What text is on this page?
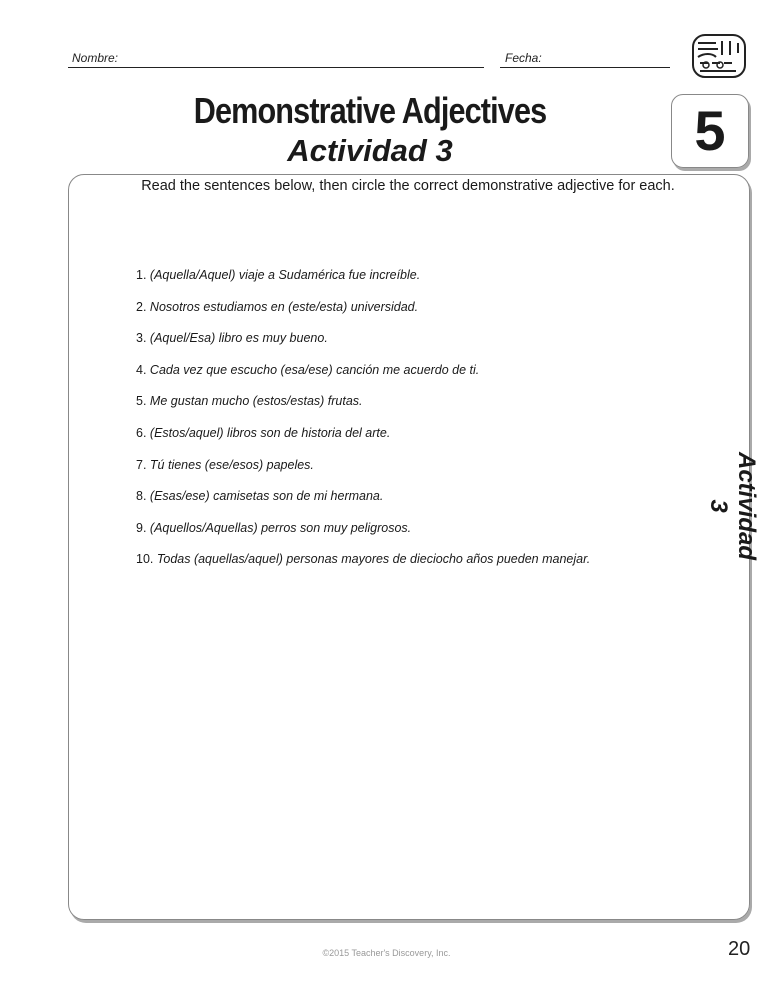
Nombre:	Fecha:
Demonstrative Adjectives
Actividad 3	5
Read the sentences below, then circle the correct demonstrative adjective for each.
1. (Aquella/Aquel) viaje a Sudamérica fue increíble.
2. Nosotros estudiamos en (este/esta) universidad.
3. (Aquel/Esa) libro es muy bueno.
4. Cada vez que escucho (esa/ese) canción me acuerdo de ti.
5. Me gustan mucho (estos/estas) frutas.
6. (Estos/aquel) libros son de historia del arte.
7. Tú tienes (ese/esos) papeles.
8. (Esas/ese) camisetas son de mi hermana.
9. (Aquellos/Aquellas) perros son muy peligrosos.
10. Todas (aquellas/aquel) personas mayores de dieciocho años pueden manejar.	Actividad 3
©2015 Teacher's Discovery, Inc.	20
